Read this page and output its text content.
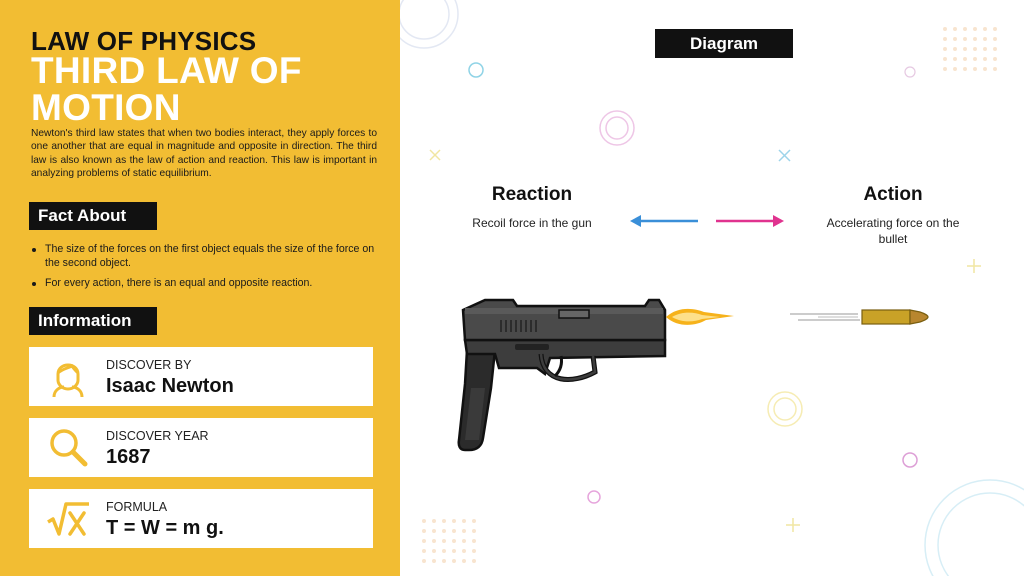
LAW OF PHYSICS
THIRD LAW OF MOTION

Newton's third law states that when two bodies interact, they apply forces to one another that are equal in magnitude and opposite in direction. The third law is also known as the law of action and reaction. This law is important in analyzing problems of static equilibrium.

Fact About
The size of the forces on the first object equals the size of the force on the second object.
For every action, there is an equal and opposite reaction.
Information
DISCOVER BY
Isaac Newton
DISCOVER YEAR
1687
FORMULA
T = W = m g.
Diagram
Reaction
Recoil force in the gun
Action
Accelerating force on the bullet
